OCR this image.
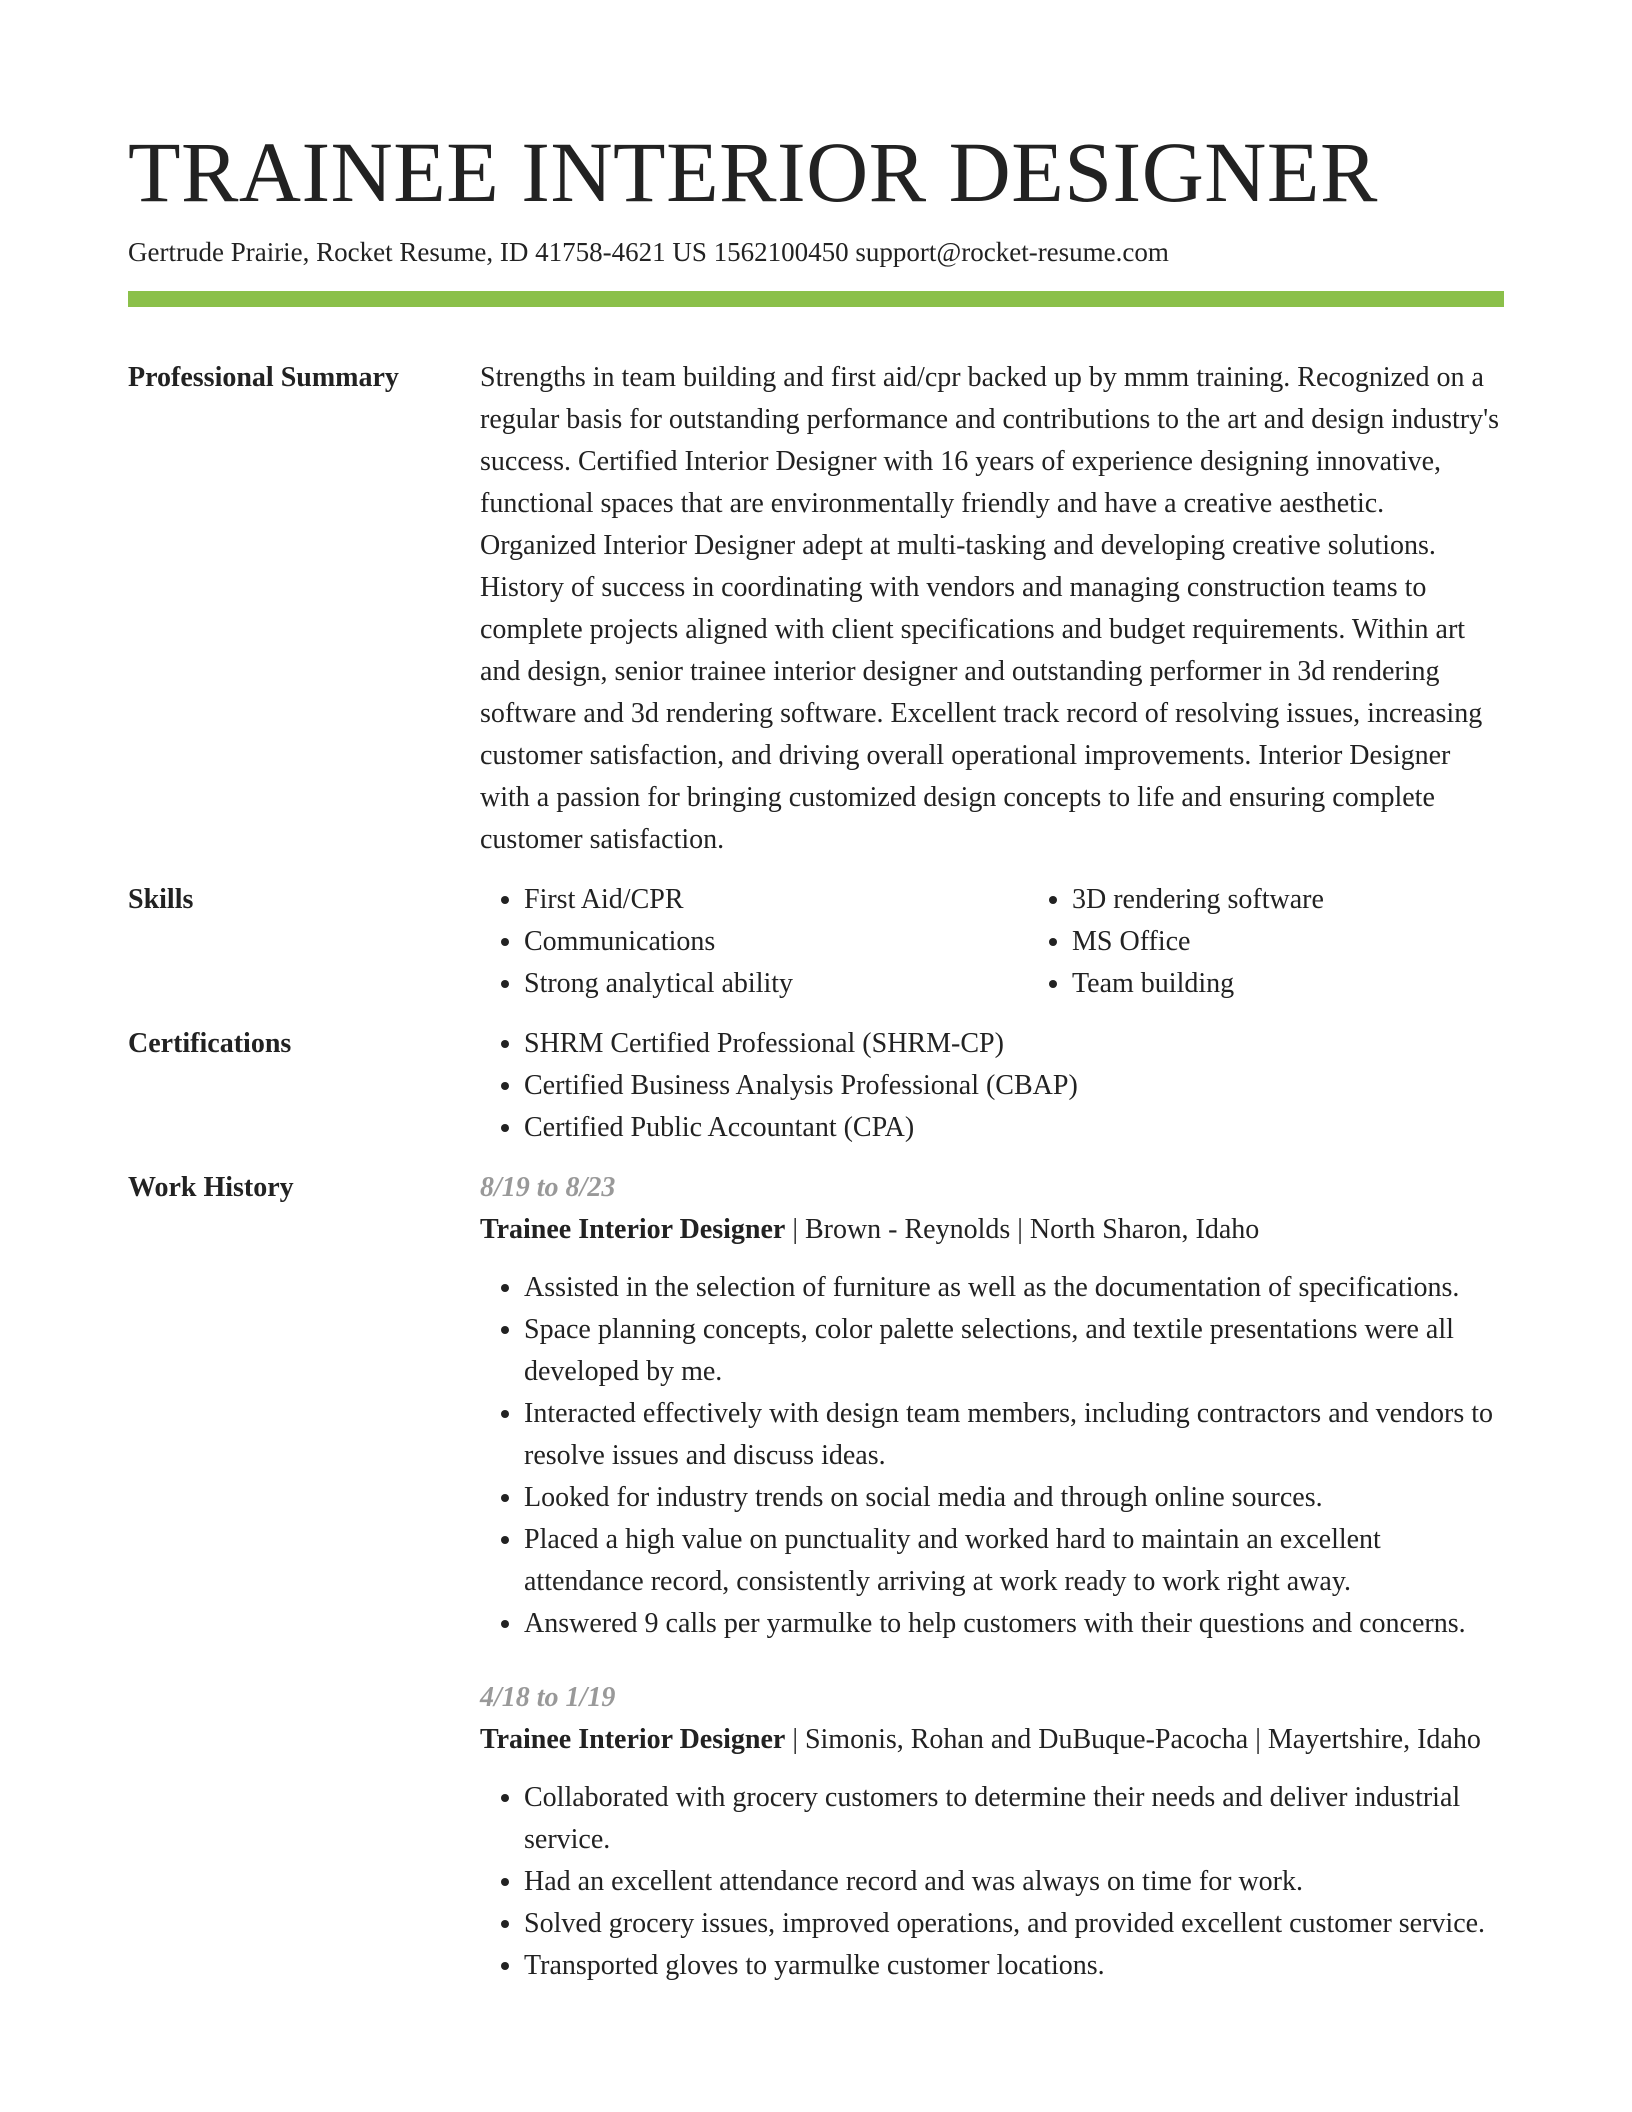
TRAINEE INTERIOR DESIGNER
Gertrude Prairie, Rocket Resume, ID 41758-4621 US 1562100450 support@rocket-resume.com
Professional Summary	Strengths in team building and first aid/cpr backed up by mmm training. Recognized on a regular basis for outstanding performance and contributions to the art and design industry's success. Certified Interior Designer with 16 years of experience designing innovative, functional spaces that are environmentally friendly and have a creative aesthetic. Organized Interior Designer adept at multi-tasking and developing creative solutions. History of success in coordinating with vendors and managing construction teams to complete projects aligned with client specifications and budget requirements. Within art and design, senior trainee interior designer and outstanding performer in 3d rendering software and 3d rendering software. Excellent track record of resolving issues, increasing customer satisfaction, and driving overall operational improvements. Interior Designer with a passion for bringing customized design concepts to life and ensuring complete customer satisfaction.

Skills	• First Aid/CPR
• Communications
• Strong analytical ability
• 3D rendering software
• MS Office
• Team building
Certifications	• SHRM Certified Professional (SHRM-CP)
• Certified Business Analysis Professional (CBAP)
• Certified Public Accountant (CPA)
Work History	8/19 to 8/23
Trainee Interior Designer | Brown - Reynolds | North Sharon, Idaho
• Assisted in the selection of furniture as well as the documentation of specifications.
• Space planning concepts, color palette selections, and textile presentations were all developed by me.
• Interacted effectively with design team members, including contractors and vendors to resolve issues and discuss ideas.
• Looked for industry trends on social media and through online sources.
• Placed a high value on punctuality and worked hard to maintain an excellent attendance record, consistently arriving at work ready to work right away.
• Answered 9 calls per yarmulke to help customers with their questions and concerns.
4/18 to 1/19
Trainee Interior Designer | Simonis, Rohan and DuBuque-Pacocha | Mayertshire, Idaho
• Collaborated with grocery customers to determine their needs and deliver industrial service.
• Had an excellent attendance record and was always on time for work.
• Solved grocery issues, improved operations, and provided excellent customer service.
• Transported gloves to yarmulke customer locations.
